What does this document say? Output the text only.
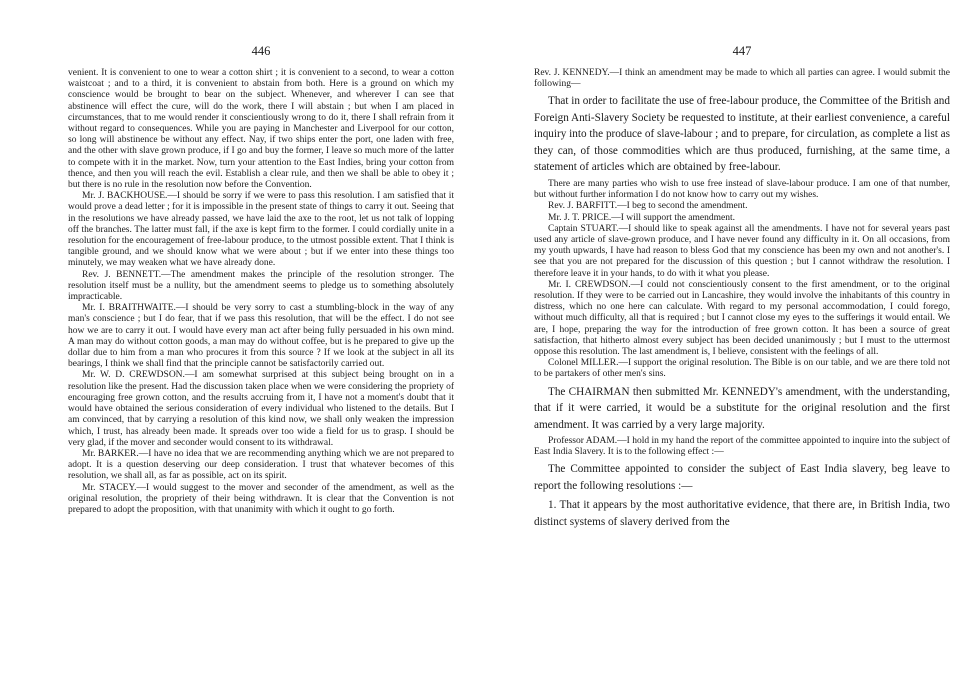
446

venient. It is convenient to one to wear a cotton shirt ; it is convenient to a second, to wear a cotton waistcoat ; and to a third, it is convenient to abstain from both. Here is a ground on which my conscience would be brought to bear on the subject. Whenever, and wherever I can see that abstinence will effect the cure, will do the work, there I will abstain ; but when I am placed in circumstances, that to me would render it conscientiously wrong to do it, there I shall refrain from it without regard to consequences. While you are paying in Manchester and Liverpool for our cotton, so long will abstinence be without any effect. Nay, if two ships enter the port, one laden with free, and the other with slave grown produce, if I go and buy the former, I leave so much more of the latter to compete with it in the market. Now, turn your attention to the East Indies, bring your cotton from thence, and then you will reach the evil. Establish a clear rule, and then we shall be able to obey it ; but there is no rule in the resolution now before the Convention.

Mr. J. BACKHOUSE.—I should be sorry if we were to pass this resolution. I am satisfied that it would prove a dead letter ; for it is impossible in the present state of things to carry it out. Seeing that in the resolutions we have already passed, we have laid the axe to the root, let us not talk of lopping off the branches. The latter must fall, if the axe is kept firm to the former. I could cordially unite in a resolution for the encouragement of free-labour produce, to the utmost possible extent. That I think is tangible ground, and we should know what we were about ; but if we enter into these things too minutely, we may weaken what we have already done.

Rev. J. BENNETT.—The amendment makes the principle of the resolution stronger. The resolution itself must be a nullity, but the amendment seems to pledge us to something absolutely impracticable.

Mr. I. BRAITHWAITE.—I should be very sorry to cast a stumbling-block in the way of any man's conscience ; but I do fear, that if we pass this resolution, that will be the effect. I do not see how we are to carry it out. I would have every man act after being fully persuaded in his own mind. A man may do without cotton goods, a man may do without coffee, but is he prepared to give up the dollar due to him from a man who procures it from this source ? If we look at the subject in all its bearings, I think we shall find that the principle cannot be satisfactorily carried out.

Mr. W. D. CREWDSON.—I am somewhat surprised at this subject being brought on in a resolution like the present. Had the discussion taken place when we were considering the propriety of encouraging free grown cotton, and the results accruing from it, I have not a moment's doubt that it would have obtained the serious consideration of every individual who listened to the details. But I am convinced, that by carrying a resolution of this kind now, we shall only weaken the impression which, I trust, has already been made. It spreads over too wide a field for us to grasp. I should be very glad, if the mover and seconder would consent to its withdrawal.

Mr. BARKER.—I have no idea that we are recommending anything which we are not prepared to adopt. It is a question deserving our deep consideration. I trust that whatever becomes of this resolution, we shall all, as far as possible, act on its spirit.

Mr. STACEY.—I would suggest to the mover and seconder of the amendment, as well as the original resolution, the propriety of their being withdrawn. It is clear that the Convention is not prepared to adopt the proposition, with that unanimity with which it ought to go forth.

447

Rev. J. KENNEDY.—I think an amendment may be made to which all parties can agree. I would submit the following—

That in order to facilitate the use of free-labour produce, the Committee of the British and Foreign Anti-Slavery Society be requested to institute, at their earliest convenience, a careful inquiry into the produce of slave-labour ; and to prepare, for circulation, as complete a list as they can, of those commodities which are thus produced, furnishing, at the same time, a statement of articles which are obtained by free-labour.

There are many parties who wish to use free instead of slave-labour produce. I am one of that number, but without further information I do not know how to carry out my wishes.

Rev. J. BARFITT.—I beg to second the amendment.

Mr. J. T. PRICE.—I will support the amendment.

Captain STUART.—I should like to speak against all the amendments. I have not for several years past used any article of slave-grown produce, and I have never found any difficulty in it. On all occasions, from my youth upwards, I have had reason to bless God that my conscience has been my own and not another's. I see that you are not prepared for the discussion of this question ; but I cannot withdraw the resolution. I therefore leave it in your hands, to do with it what you please.

Mr. I. CREWDSON.—I could not conscientiously consent to the first amendment, or to the original resolution. If they were to be carried out in Lancashire, they would involve the inhabitants of this country in distress, which no one here can calculate. With regard to my personal accommodation, I could forego, without much difficulty, all that is required ; but I cannot close my eyes to the sufferings it would entail. We are, I hope, preparing the way for the introduction of free grown cotton. It has been a source of great satisfaction, that hitherto almost every subject has been decided unanimously ; but I must to the uttermost oppose this resolution. The last amendment is, I believe, consistent with the feelings of all.

Colonel MILLER.—I support the original resolution. The Bible is on our table, and we are there told not to be partakers of other men's sins.

The CHAIRMAN then submitted Mr. KENNEDY's amendment, with the understanding, that if it were carried, it would be a substitute for the original resolution and the first amendment. It was carried by a very large majority.

Professor ADAM.—I hold in my hand the report of the committee appointed to inquire into the subject of East India Slavery. It is to the following effect :—

The Committee appointed to consider the subject of East India slavery, beg leave to report the following resolutions :—

1. That it appears by the most authoritative evidence, that there are, in British India, two distinct systems of slavery derived from the
